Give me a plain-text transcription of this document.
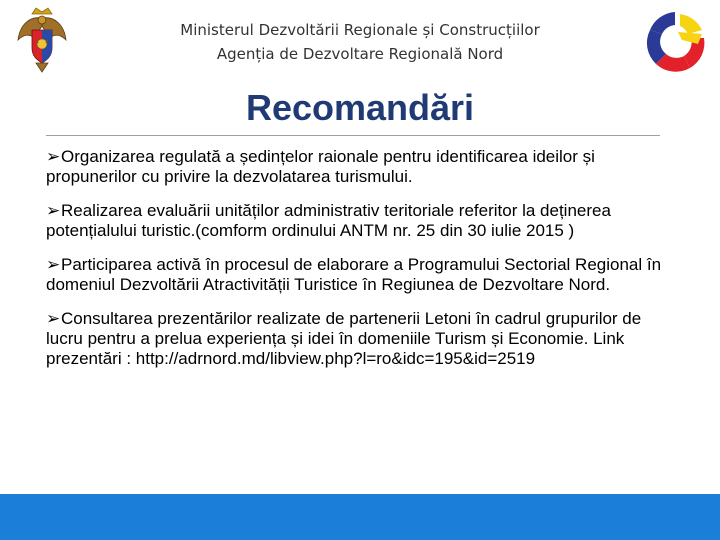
Ministerul Dezvoltării Regionale și Construcțiilor
Agenția de Dezvoltare Regională Nord
Recomandări
➢Organizarea regulată a ședințelor raionale pentru identificarea ideilor și propunerilor cu privire la dezvolatarea turismului.
➢Realizarea evaluării unităților administrativ teritoriale referitor la deținerea potențialului turistic.(comform ordinului ANTM nr. 25 din 30 iulie 2015 )
➢Participarea activă în procesul de elaborare a Programului Sectorial Regional în domeniul Dezvoltării Atractivității Turistice în Regiunea de Dezvoltare Nord.
➢Consultarea prezentărilor realizate de partenerii Letoni în cadrul grupurilor de lucru pentru a prelua experiența și idei în domeniile Turism și Economie. Link prezentări : http://adrnord.md/libview.php?l=ro&idc=195&id=2519
